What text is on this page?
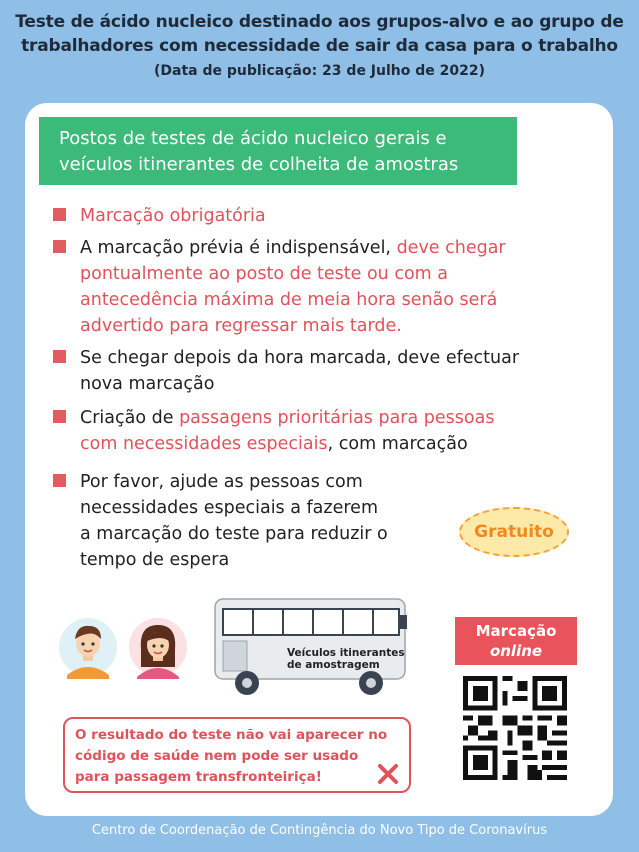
Teste de ácido nucleico destinado aos grupos-alvo e ao grupo de
trabalhadores com necessidade de sair da casa para o trabalho
(Data de publicação: 23 de Julho de 2022)
Postos de testes de ácido nucleico gerais e
veículos itinerantes de colheita de amostras
Marcação obrigatória
A marcação prévia é indispensável, deve chegar
pontualmente ao posto de teste ou com a
antecedência máxima de meia hora senão será
advertido para regressar mais tarde.
Se chegar depois da hora marcada, deve efectuar
nova marcação
Criação de passagens prioritárias para pessoas
com necessidades especiais, com marcação
Por favor, ajude as pessoas com
necessidades especiais a fazerem
a marcação do teste para reduzir o
tempo de espera
Gratuito
Veículos itinerantes
de amostragem
Marcação
online
O resultado do teste não vai aparecer no
código de saúde nem pode ser usado
para passagem transfronteiriça!
Centro de Coordenação de Contingência do Novo Tipo de Coronavírus
